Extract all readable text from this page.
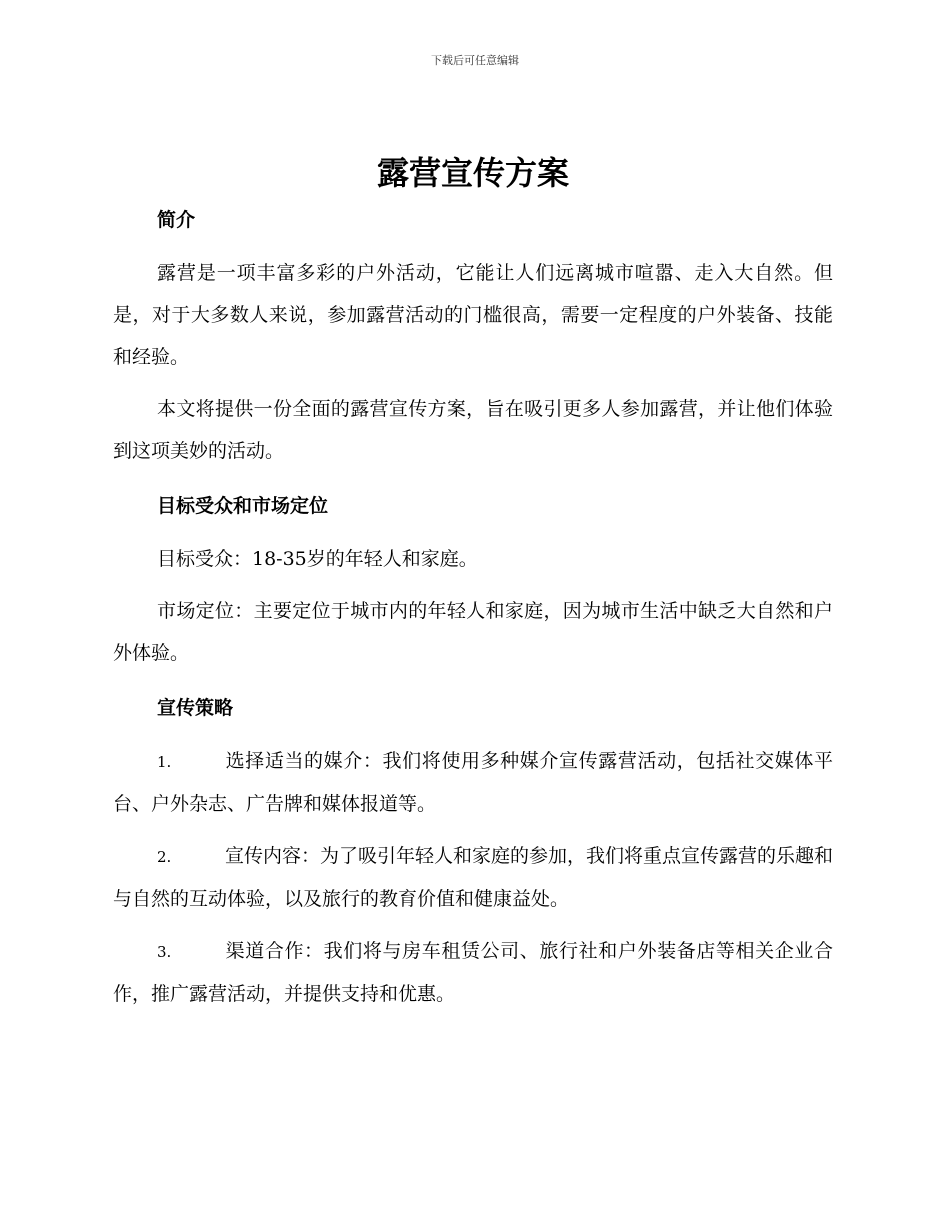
下载后可任意编辑
露营宣传方案
简介

露营是一项丰富多彩的户外活动，它能让人们远离城市喧嚣、走入大自然。但是，对于大多数人来说，参加露营活动的门槛很高，需要一定程度的户外装备、技能和经验。

本文将提供一份全面的露营宣传方案，旨在吸引更多人参加露营，并让他们体验到这项美妙的活动。

目标受众和市场定位

目标受众：18-35岁的年轻人和家庭。

市场定位：主要定位于城市内的年轻人和家庭，因为城市生活中缺乏大自然和户外体验。

宣传策略

1.	选择适当的媒介：我们将使用多种媒介宣传露营活动，包括社交媒体平台、户外杂志、广告牌和媒体报道等。

2.	宣传内容：为了吸引年轻人和家庭的参加，我们将重点宣传露营的乐趣和与自然的互动体验，以及旅行的教育价值和健康益处。

3.	渠道合作：我们将与房车租赁公司、旅行社和户外装备店等相关企业合作，推广露营活动，并提供支持和优惠。
